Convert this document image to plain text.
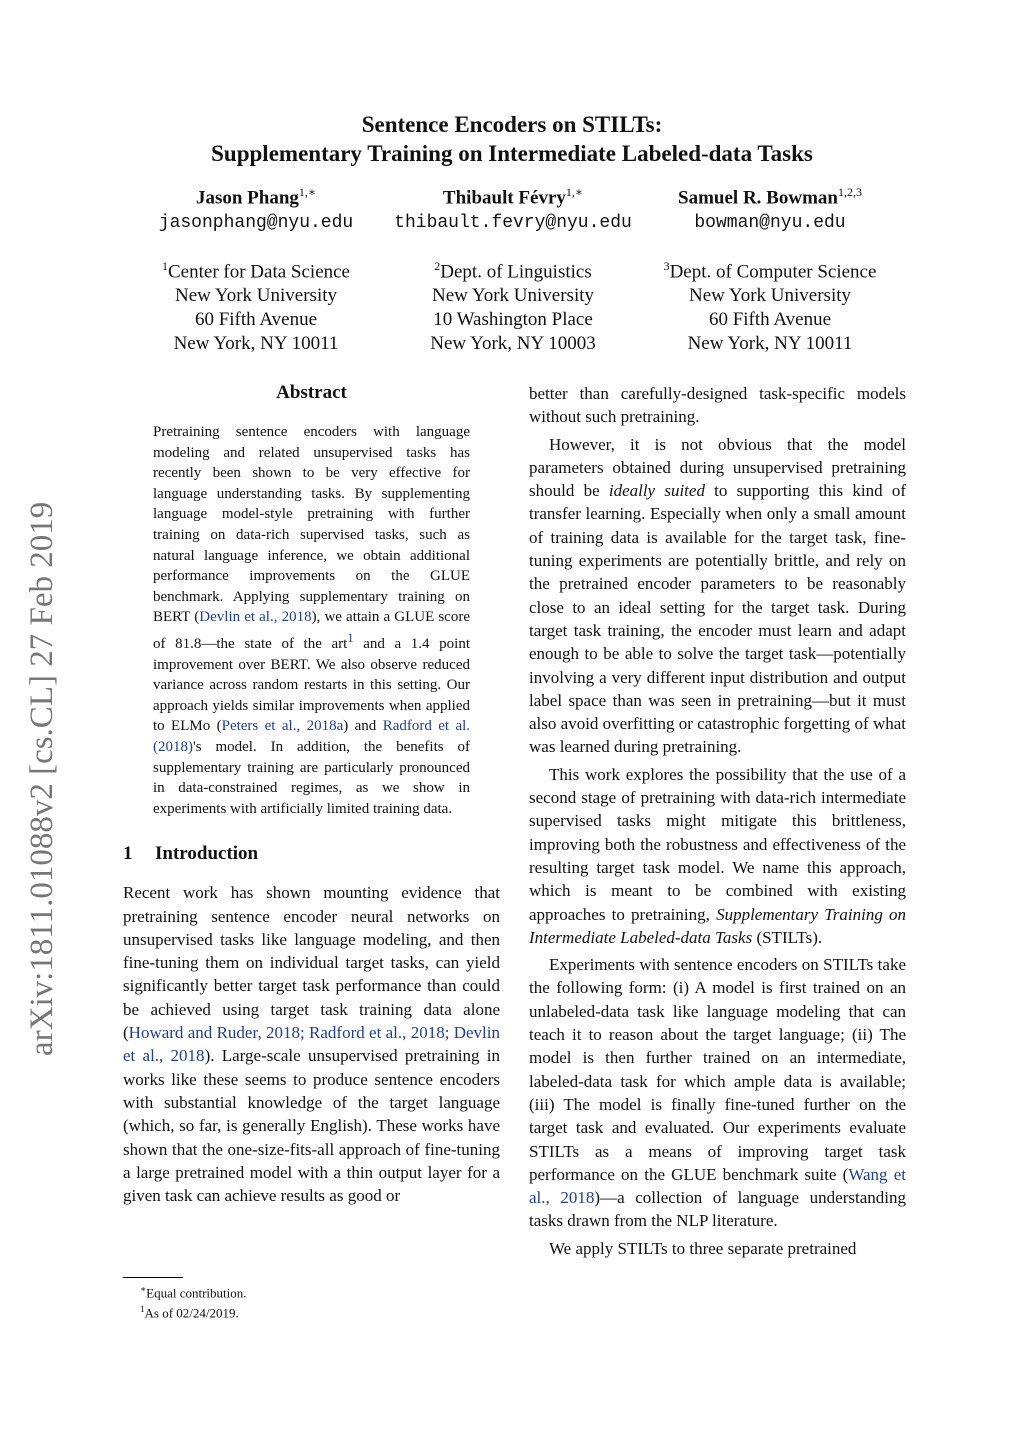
arXiv:1811.01088v2 [cs.CL] 27 Feb 2019
Sentence Encoders on STILTs:
Supplementary Training on Intermediate Labeled-data Tasks
Jason Phang$^{1,∗}$
jasonphang@nyu.edu
Thibault Févry$^{1,∗}$
thibault.fevry@nyu.edu
Samuel R. Bowman$^{1,2,3}$
bowman@nyu.edu
$^1$Center for Data Science
New York University
60 Fifth Avenue
New York, NY 10011
$^2$Dept. of Linguistics
New York University
10 Washington Place
New York, NY 10003
$^3$Dept. of Computer Science
New York University
60 Fifth Avenue
New York, NY 10011
Abstract

Pretraining sentence encoders with language modeling and related unsupervised tasks has recently been shown to be very effective for language understanding tasks. By supplementing language model-style pretraining with further training on data-rich supervised tasks, such as natural language inference, we obtain additional performance improvements on the GLUE benchmark. Applying supplementary training on BERT (Devlin et al., 2018), we attain a GLUE score of 81.8—the state of the art$^1$ and a 1.4 point improvement over BERT. We also observe reduced variance across random restarts in this setting. Our approach yields similar improvements when applied to ELMo (Peters et al., 2018a) and Radford et al. (2018)'s model. In addition, the benefits of supplementary training are particularly pronounced in data-constrained regimes, as we show in experiments with artificially limited training data.

1 Introduction

Recent work has shown mounting evidence that pretraining sentence encoder neural networks on unsupervised tasks like language modeling, and then fine-tuning them on individual target tasks, can yield significantly better target task performance than could be achieved using target task training data alone (Howard and Ruder, 2018; Radford et al., 2018; Devlin et al., 2018). Large-scale unsupervised pretraining in works like these seems to produce sentence encoders with substantial knowledge of the target language (which, so far, is generally English). These works have shown that the one-size-fits-all approach of fine-tuning a large pretrained model with a thin output layer for a given task can achieve results as good or

better than carefully-designed task-specific models without such pretraining.

However, it is not obvious that the model parameters obtained during unsupervised pretraining should be ideally suited to supporting this kind of transfer learning. Especially when only a small amount of training data is available for the target task, fine-tuning experiments are potentially brittle, and rely on the pretrained encoder parameters to be reasonably close to an ideal setting for the target task. During target task training, the encoder must learn and adapt enough to be able to solve the target task—potentially involving a very different input distribution and output label space than was seen in pretraining—but it must also avoid overfitting or catastrophic forgetting of what was learned during pretraining.

This work explores the possibility that the use of a second stage of pretraining with data-rich intermediate supervised tasks might mitigate this brittleness, improving both the robustness and effectiveness of the resulting target task model. We name this approach, which is meant to be combined with existing approaches to pretraining, Supplementary Training on Intermediate Labeled-data Tasks (STILTs).

Experiments with sentence encoders on STILTs take the following form: (i) A model is first trained on an unlabeled-data task like language modeling that can teach it to reason about the target language; (ii) The model is then further trained on an intermediate, labeled-data task for which ample data is available; (iii) The model is finally fine-tuned further on the target task and evaluated. Our experiments evaluate STILTs as a means of improving target task performance on the GLUE benchmark suite (Wang et al., 2018)—a collection of language understanding tasks drawn from the NLP literature.

We apply STILTs to three separate pretrained

∗Equal contribution.
$^1$As of 02/24/2019.
